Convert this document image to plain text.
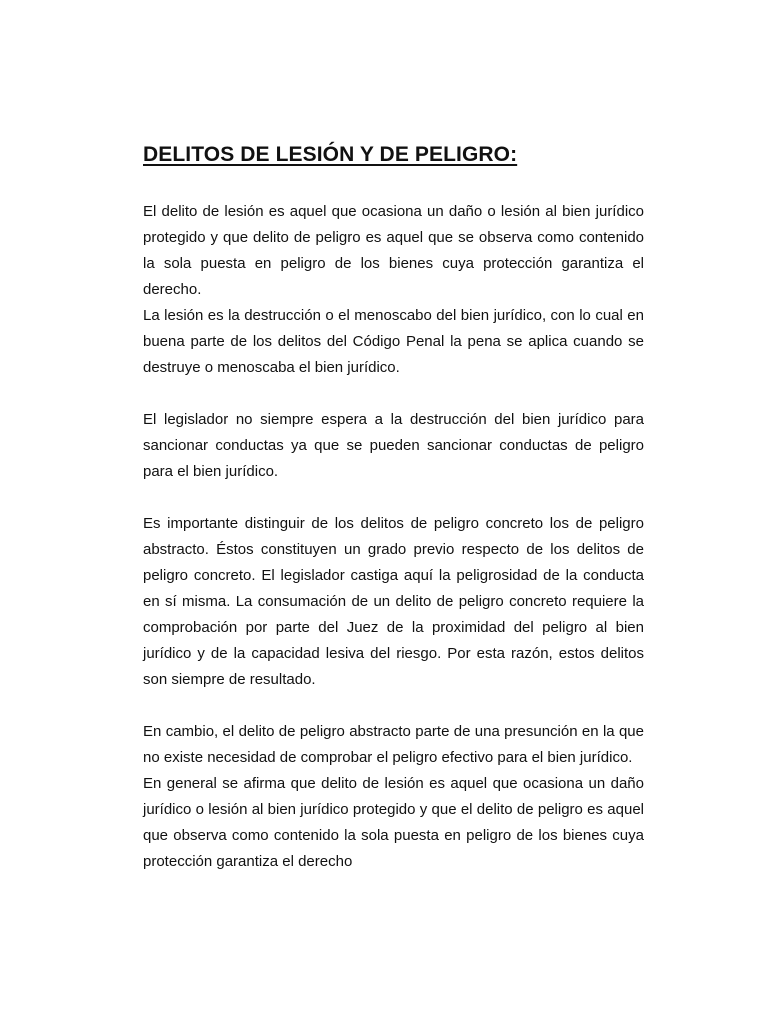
DELITOS DE LESIÓN Y DE PELIGRO:

El delito de lesión es aquel que ocasiona un daño o lesión al bien jurídico protegido y que delito de peligro es aquel que se observa como contenido la sola puesta en peligro de los bienes cuya protección garantiza el derecho.

La lesión es la destrucción o el menoscabo del bien jurídico, con lo cual en buena parte de los delitos del Código Penal la pena se aplica cuando se destruye o menoscaba el bien jurídico.

El legislador no siempre espera a la destrucción del bien jurídico para sancionar conductas ya que se pueden sancionar conductas de peligro para el bien jurídico.

Es importante distinguir de los delitos de peligro concreto los de peligro abstracto. Éstos constituyen un grado previo respecto de los delitos de peligro concreto. El legislador castiga aquí la peligrosidad de la conducta en sí misma. La consumación de un delito de peligro concreto requiere la comprobación por parte del Juez de la proximidad del peligro al bien jurídico y de la capacidad lesiva del riesgo. Por esta razón, estos delitos son siempre de resultado.

En cambio, el delito de peligro abstracto parte de una presunción en la que no existe necesidad de comprobar el peligro efectivo para el bien jurídico.

En general se afirma que delito de lesión es aquel que ocasiona un daño jurídico o lesión al bien jurídico protegido y que el delito de peligro es aquel que observa como contenido la sola puesta en peligro de los bienes cuya protección garantiza el derecho
